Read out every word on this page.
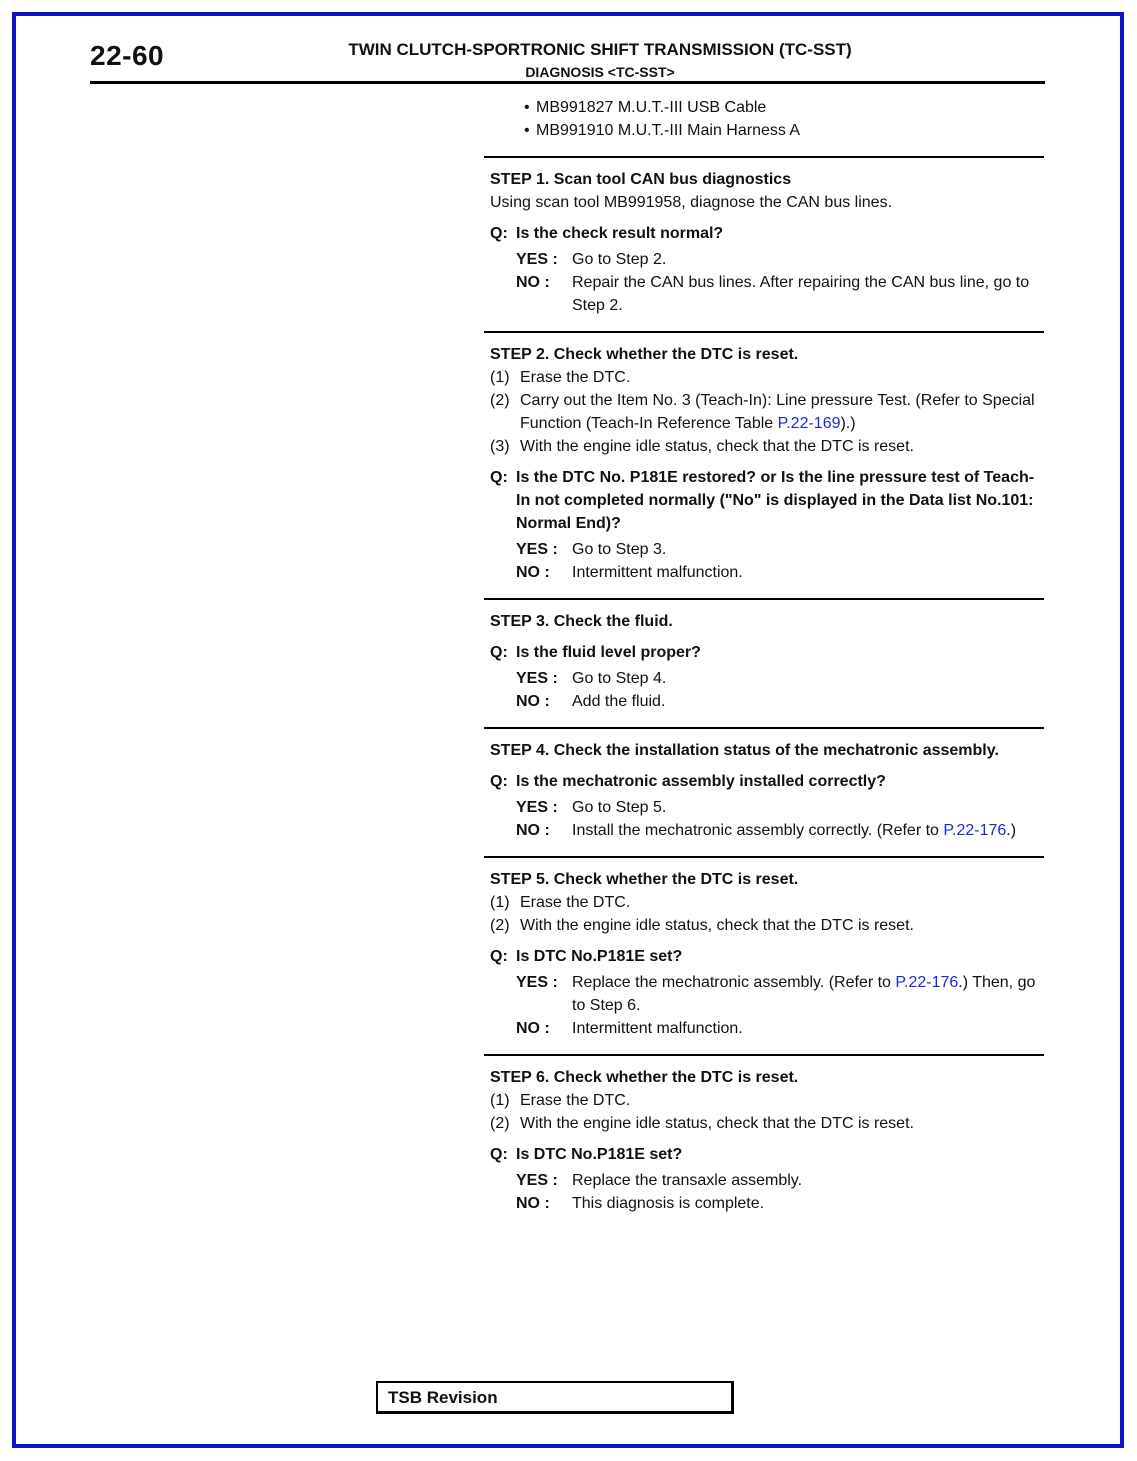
22-60	TWIN CLUTCH-SPORTRONIC SHIFT TRANSMISSION (TC-SST)
DIAGNOSIS <TC-SST>
• MB991827 M.U.T.-III USB Cable
• MB991910 M.U.T.-III Main Harness A
STEP 1. Scan tool CAN bus diagnostics
Using scan tool MB991958, diagnose the CAN bus lines.
Q: Is the check result normal?
YES : Go to Step 2.
NO : Repair the CAN bus lines. After repairing the CAN bus line, go to Step 2.
STEP 2. Check whether the DTC is reset.
(1) Erase the DTC.
(2) Carry out the Item No. 3 (Teach-In): Line pressure Test. (Refer to Special Function (Teach-In Reference Table P.22-169).)
(3) With the engine idle status, check that the DTC is reset.
Q: Is the DTC No. P181E restored? or Is the line pressure test of Teach-In not completed normally ("No" is displayed in the Data list No.101: Normal End)?
YES : Go to Step 3.
NO : Intermittent malfunction.
STEP 3. Check the fluid.
Q: Is the fluid level proper?
YES : Go to Step 4.
NO : Add the fluid.
STEP 4. Check the installation status of the mechatronic assembly.
Q: Is the mechatronic assembly installed correctly?
YES : Go to Step 5.
NO : Install the mechatronic assembly correctly. (Refer to P.22-176.)
STEP 5. Check whether the DTC is reset.
(1) Erase the DTC.
(2) With the engine idle status, check that the DTC is reset.
Q: Is DTC No.P181E set?
YES : Replace the mechatronic assembly. (Refer to P.22-176.) Then, go to Step 6.
NO : Intermittent malfunction.
STEP 6. Check whether the DTC is reset.
(1) Erase the DTC.
(2) With the engine idle status, check that the DTC is reset.
Q: Is DTC No.P181E set?
YES : Replace the transaxle assembly.
NO : This diagnosis is complete.
TSB Revision
